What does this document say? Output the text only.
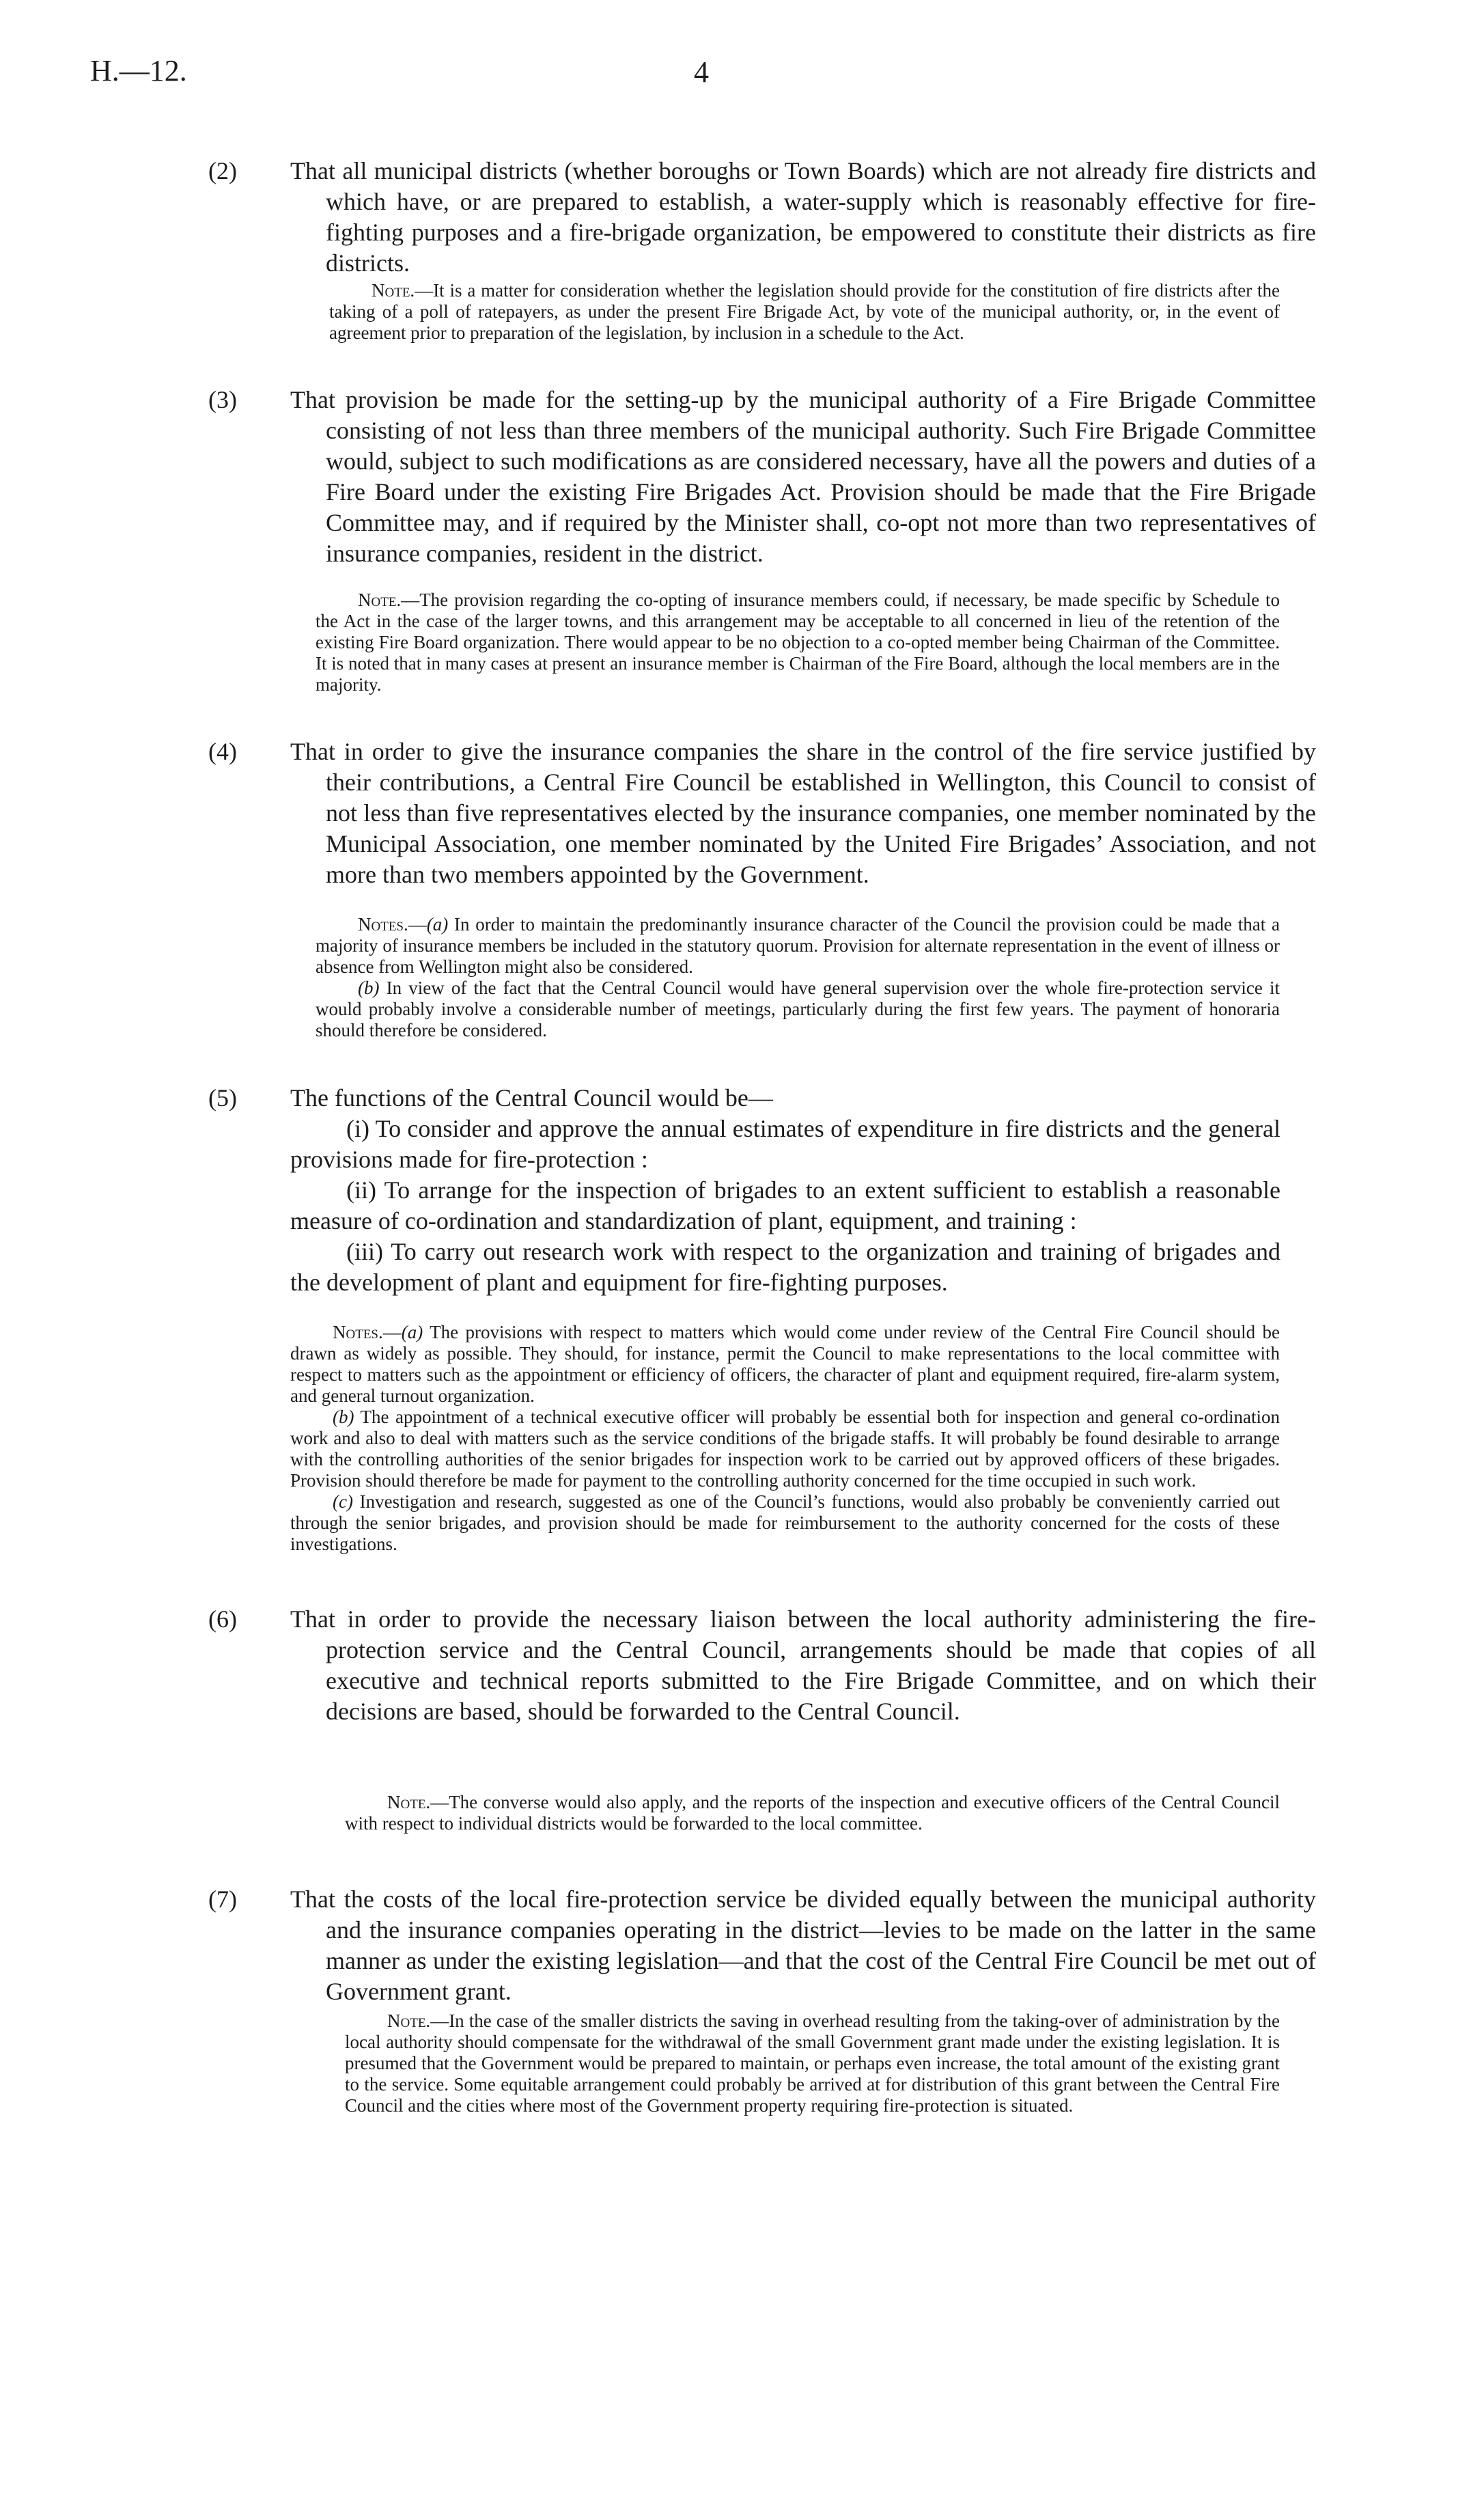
H.—12.	4
(2) That all municipal districts (whether boroughs or Town Boards) which are not already fire districts and which have, or are prepared to establish, a water-supply which is reasonably effective for fire-fighting purposes and a fire-brigade organization, be empowered to constitute their districts as fire districts.

Note.—It is a matter for consideration whether the legislation should provide for the constitution of fire districts after the taking of a poll of ratepayers, as under the present Fire Brigade Act, by vote of the municipal authority, or, in the event of agreement prior to preparation of the legislation, by inclusion in a schedule to the Act.

(3) That provision be made for the setting-up by the municipal authority of a Fire Brigade Committee consisting of not less than three members of the municipal authority. Such Fire Brigade Committee would, subject to such modifications as are considered necessary, have all the powers and duties of a Fire Board under the existing Fire Brigades Act. Provision should be made that the Fire Brigade Committee may, and if required by the Minister shall, co-opt not more than two representatives of insurance companies, resident in the district.

Note.—The provision regarding the co-opting of insurance members could, if necessary, be made specific by Schedule to the Act in the case of the larger towns, and this arrangement may be acceptable to all concerned in lieu of the retention of the existing Fire Board organization. There would appear to be no objection to a co-opted member being Chairman of the Committee. It is noted that in many cases at present an insurance member is Chairman of the Fire Board, although the local members are in the majority.

(4) That in order to give the insurance companies the share in the control of the fire service justified by their contributions, a Central Fire Council be established in Wellington, this Council to consist of not less than five representatives elected by the insurance companies, one member nominated by the Municipal Association, one member nominated by the United Fire Brigades’ Association, and not more than two members appointed by the Government.

Notes.—(a) In order to maintain the predominantly insurance character of the Council the provision could be made that a majority of insurance members be included in the statutory quorum. Provision for alternate representation in the event of illness or absence from Wellington might also be considered.

(b) In view of the fact that the Central Council would have general supervision over the whole fire-protection service it would probably involve a considerable number of meetings, particularly during the first few years. The payment of honoraria should therefore be considered.

(5) The functions of the Central Council would be—

(i) To consider and approve the annual estimates of expenditure in fire districts and the general provisions made for fire-protection :

(ii) To arrange for the inspection of brigades to an extent sufficient to establish a reasonable measure of co-ordination and standardization of plant, equipment, and training :

(iii) To carry out research work with respect to the organization and training of brigades and the development of plant and equipment for fire-fighting purposes.

Notes.—(a) The provisions with respect to matters which would come under review of the Central Fire Council should be drawn as widely as possible. They should, for instance, permit the Council to make representations to the local committee with respect to matters such as the appointment or efficiency of officers, the character of plant and equipment required, fire-alarm system, and general turnout organization.

(b) The appointment of a technical executive officer will probably be essential both for inspection and general co-ordination work and also to deal with matters such as the service conditions of the brigade staffs. It will probably be found desirable to arrange with the controlling authorities of the senior brigades for inspection work to be carried out by approved officers of these brigades. Provision should therefore be made for payment to the controlling authority concerned for the time occupied in such work.

(c) Investigation and research, suggested as one of the Council’s functions, would also probably be conveniently carried out through the senior brigades, and provision should be made for reimbursement to the authority concerned for the costs of these investigations.

(6) That in order to provide the necessary liaison between the local authority administering the fire-protection service and the Central Council, arrangements should be made that copies of all executive and technical reports submitted to the Fire Brigade Committee, and on which their decisions are based, should be forwarded to the Central Council.

Note.—The converse would also apply, and the reports of the inspection and executive officers of the Central Council with respect to individual districts would be forwarded to the local committee.

(7) That the costs of the local fire-protection service be divided equally between the municipal authority and the insurance companies operating in the district—levies to be made on the latter in the same manner as under the existing legislation—and that the cost of the Central Fire Council be met out of Government grant.

Note.—In the case of the smaller districts the saving in overhead resulting from the taking-over of administration by the local authority should compensate for the withdrawal of the small Government grant made under the existing legislation. It is presumed that the Government would be prepared to maintain, or perhaps even increase, the total amount of the existing grant to the service. Some equitable arrangement could probably be arrived at for distribution of this grant between the Central Fire Council and the cities where most of the Government property requiring fire-protection is situated.
